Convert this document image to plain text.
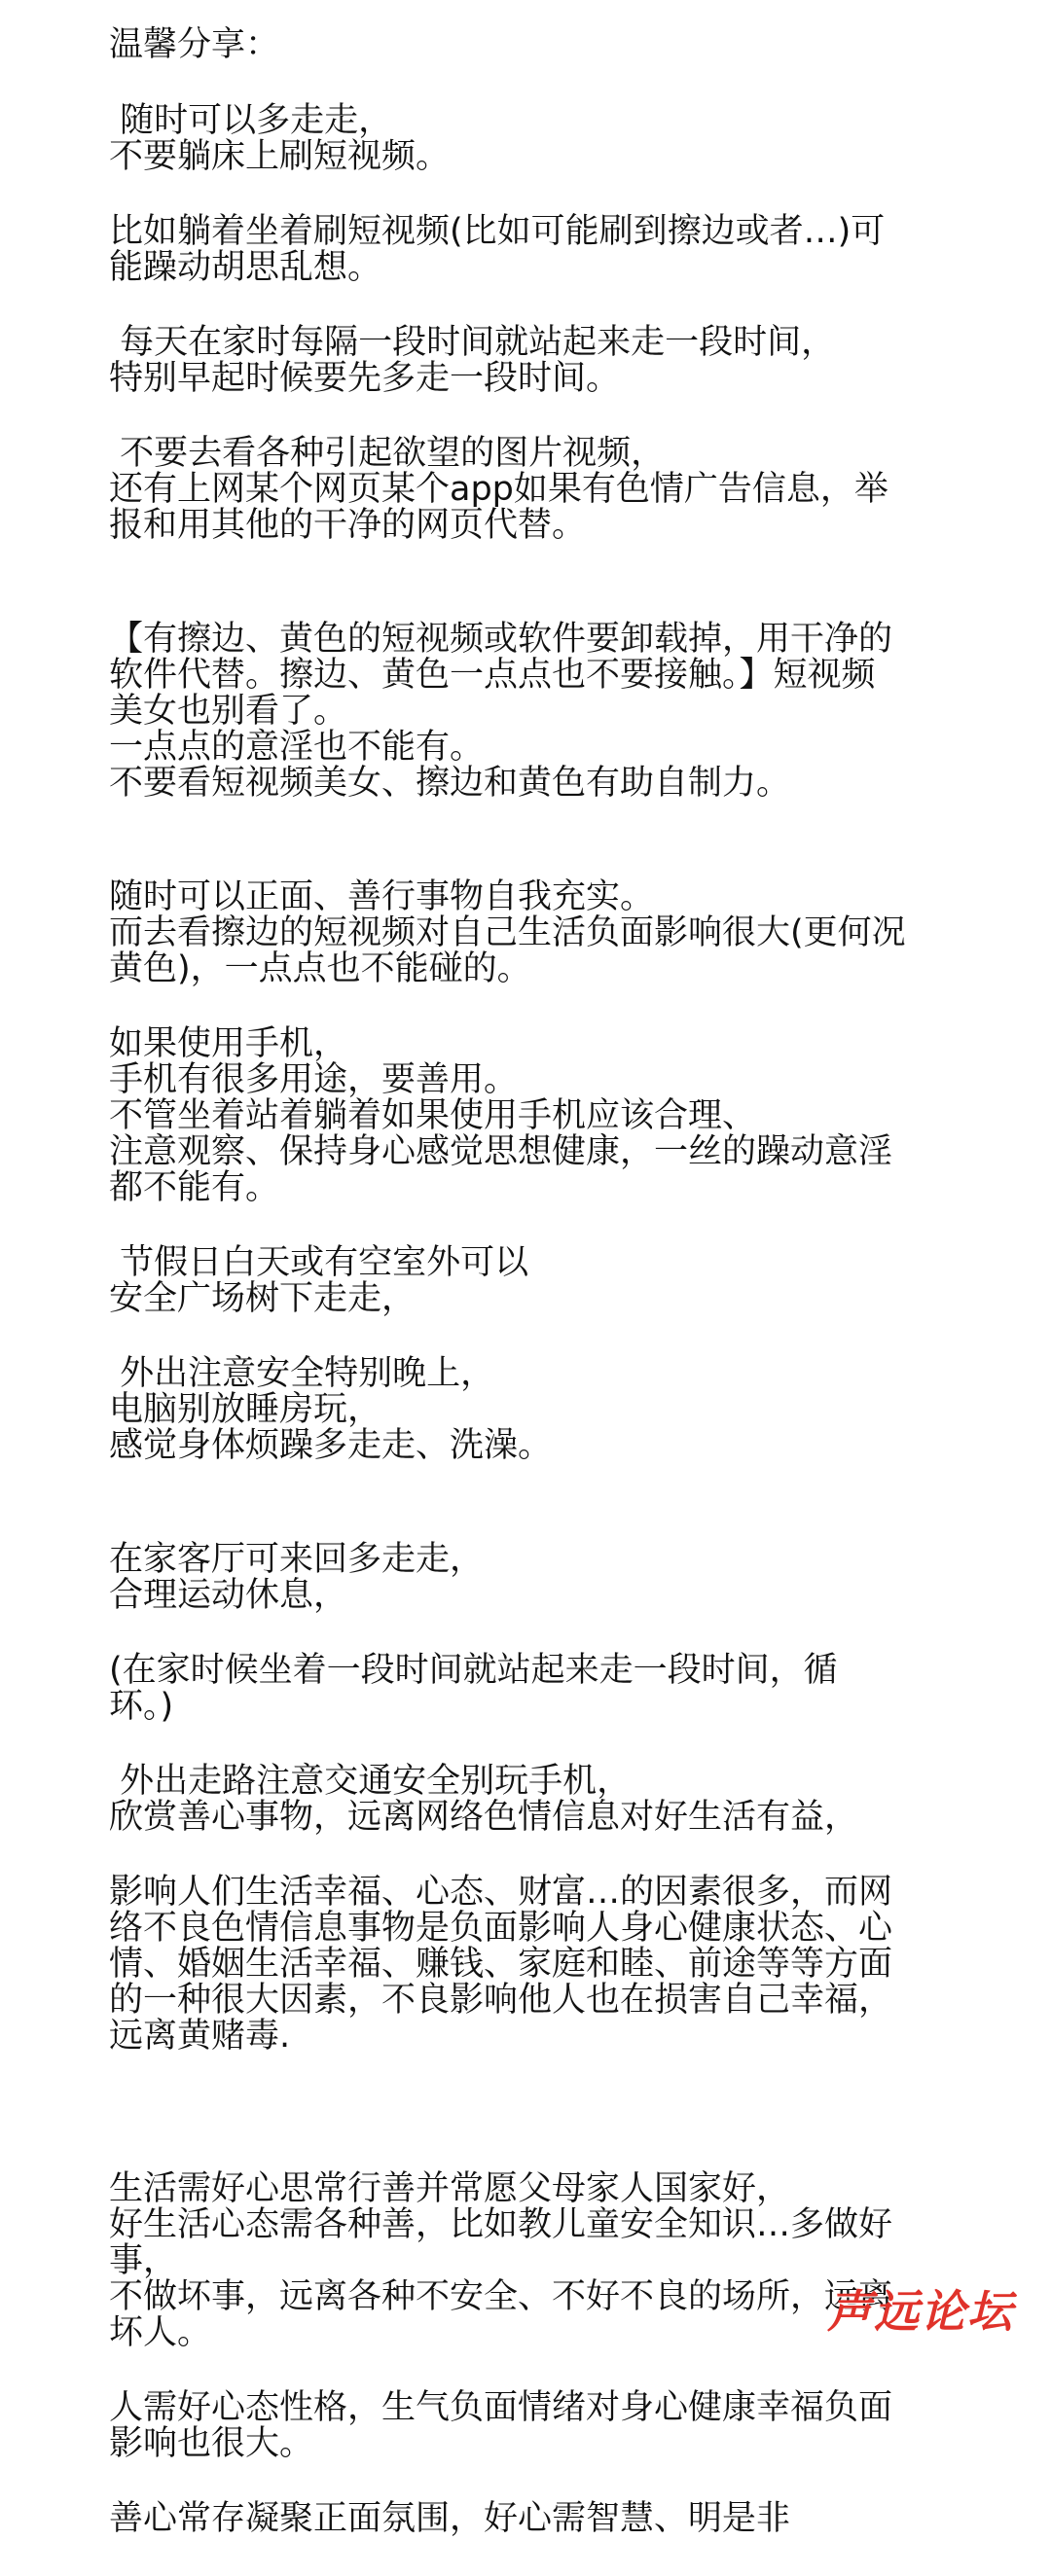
温馨分享：
随时可以多走走，
不要躺床上刷短视频。
比如躺着坐着刷短视频(比如可能刷到擦边或者…)可
能躁动胡思乱想。
每天在家时每隔一段时间就站起来走一段时间，
特别早起时候要先多走一段时间。
不要去看各种引起欲望的图片视频，
还有上网某个网页某个app如果有色情广告信息，举
报和用其他的干净的网页代替。
【有擦边、黄色的短视频或软件要卸载掉，用干净的
软件代替。擦边、黄色一点点也不要接触。】短视频
美女也别看了。
一点点的意淫也不能有。
不要看短视频美女、擦边和黄色有助自制力。
随时可以正面、善行事物自我充实。
而去看擦边的短视频对自己生活负面影响很大(更何况
黄色)，一点点也不能碰的。
如果使用手机，
手机有很多用途，要善用。
不管坐着站着躺着如果使用手机应该合理、
注意观察、保持身心感觉思想健康，一丝的躁动意淫
都不能有。
节假日白天或有空室外可以
安全广场树下走走，
外出注意安全特别晚上，
电脑别放睡房玩，
感觉身体烦躁多走走、洗澡。
在家客厅可来回多走走，
合理运动休息，
(在家时候坐着一段时间就站起来走一段时间，循
环。)
外出走路注意交通安全别玩手机，
欣赏善心事物，远离网络色情信息对好生活有益，
影响人们生活幸福、心态、财富…的因素很多，而网
络不良色情信息事物是负面影响人身心健康状态、心
情、婚姻生活幸福、赚钱、家庭和睦、前途等等方面
的一种很大因素，不良影响他人也在损害自己幸福，
远离黄赌毒.
生活需好心思常行善并常愿父母家人国家好，
好生活心态需各种善，比如教儿童安全知识…多做好
事，
不做坏事，远离各种不安全、不好不良的场所，远离
坏人。
人需好心态性格，生气负面情绪对身心健康幸福负面
影响也很大。
善心常存凝聚正面氛围，好心需智慧、明是非
声远论坛
